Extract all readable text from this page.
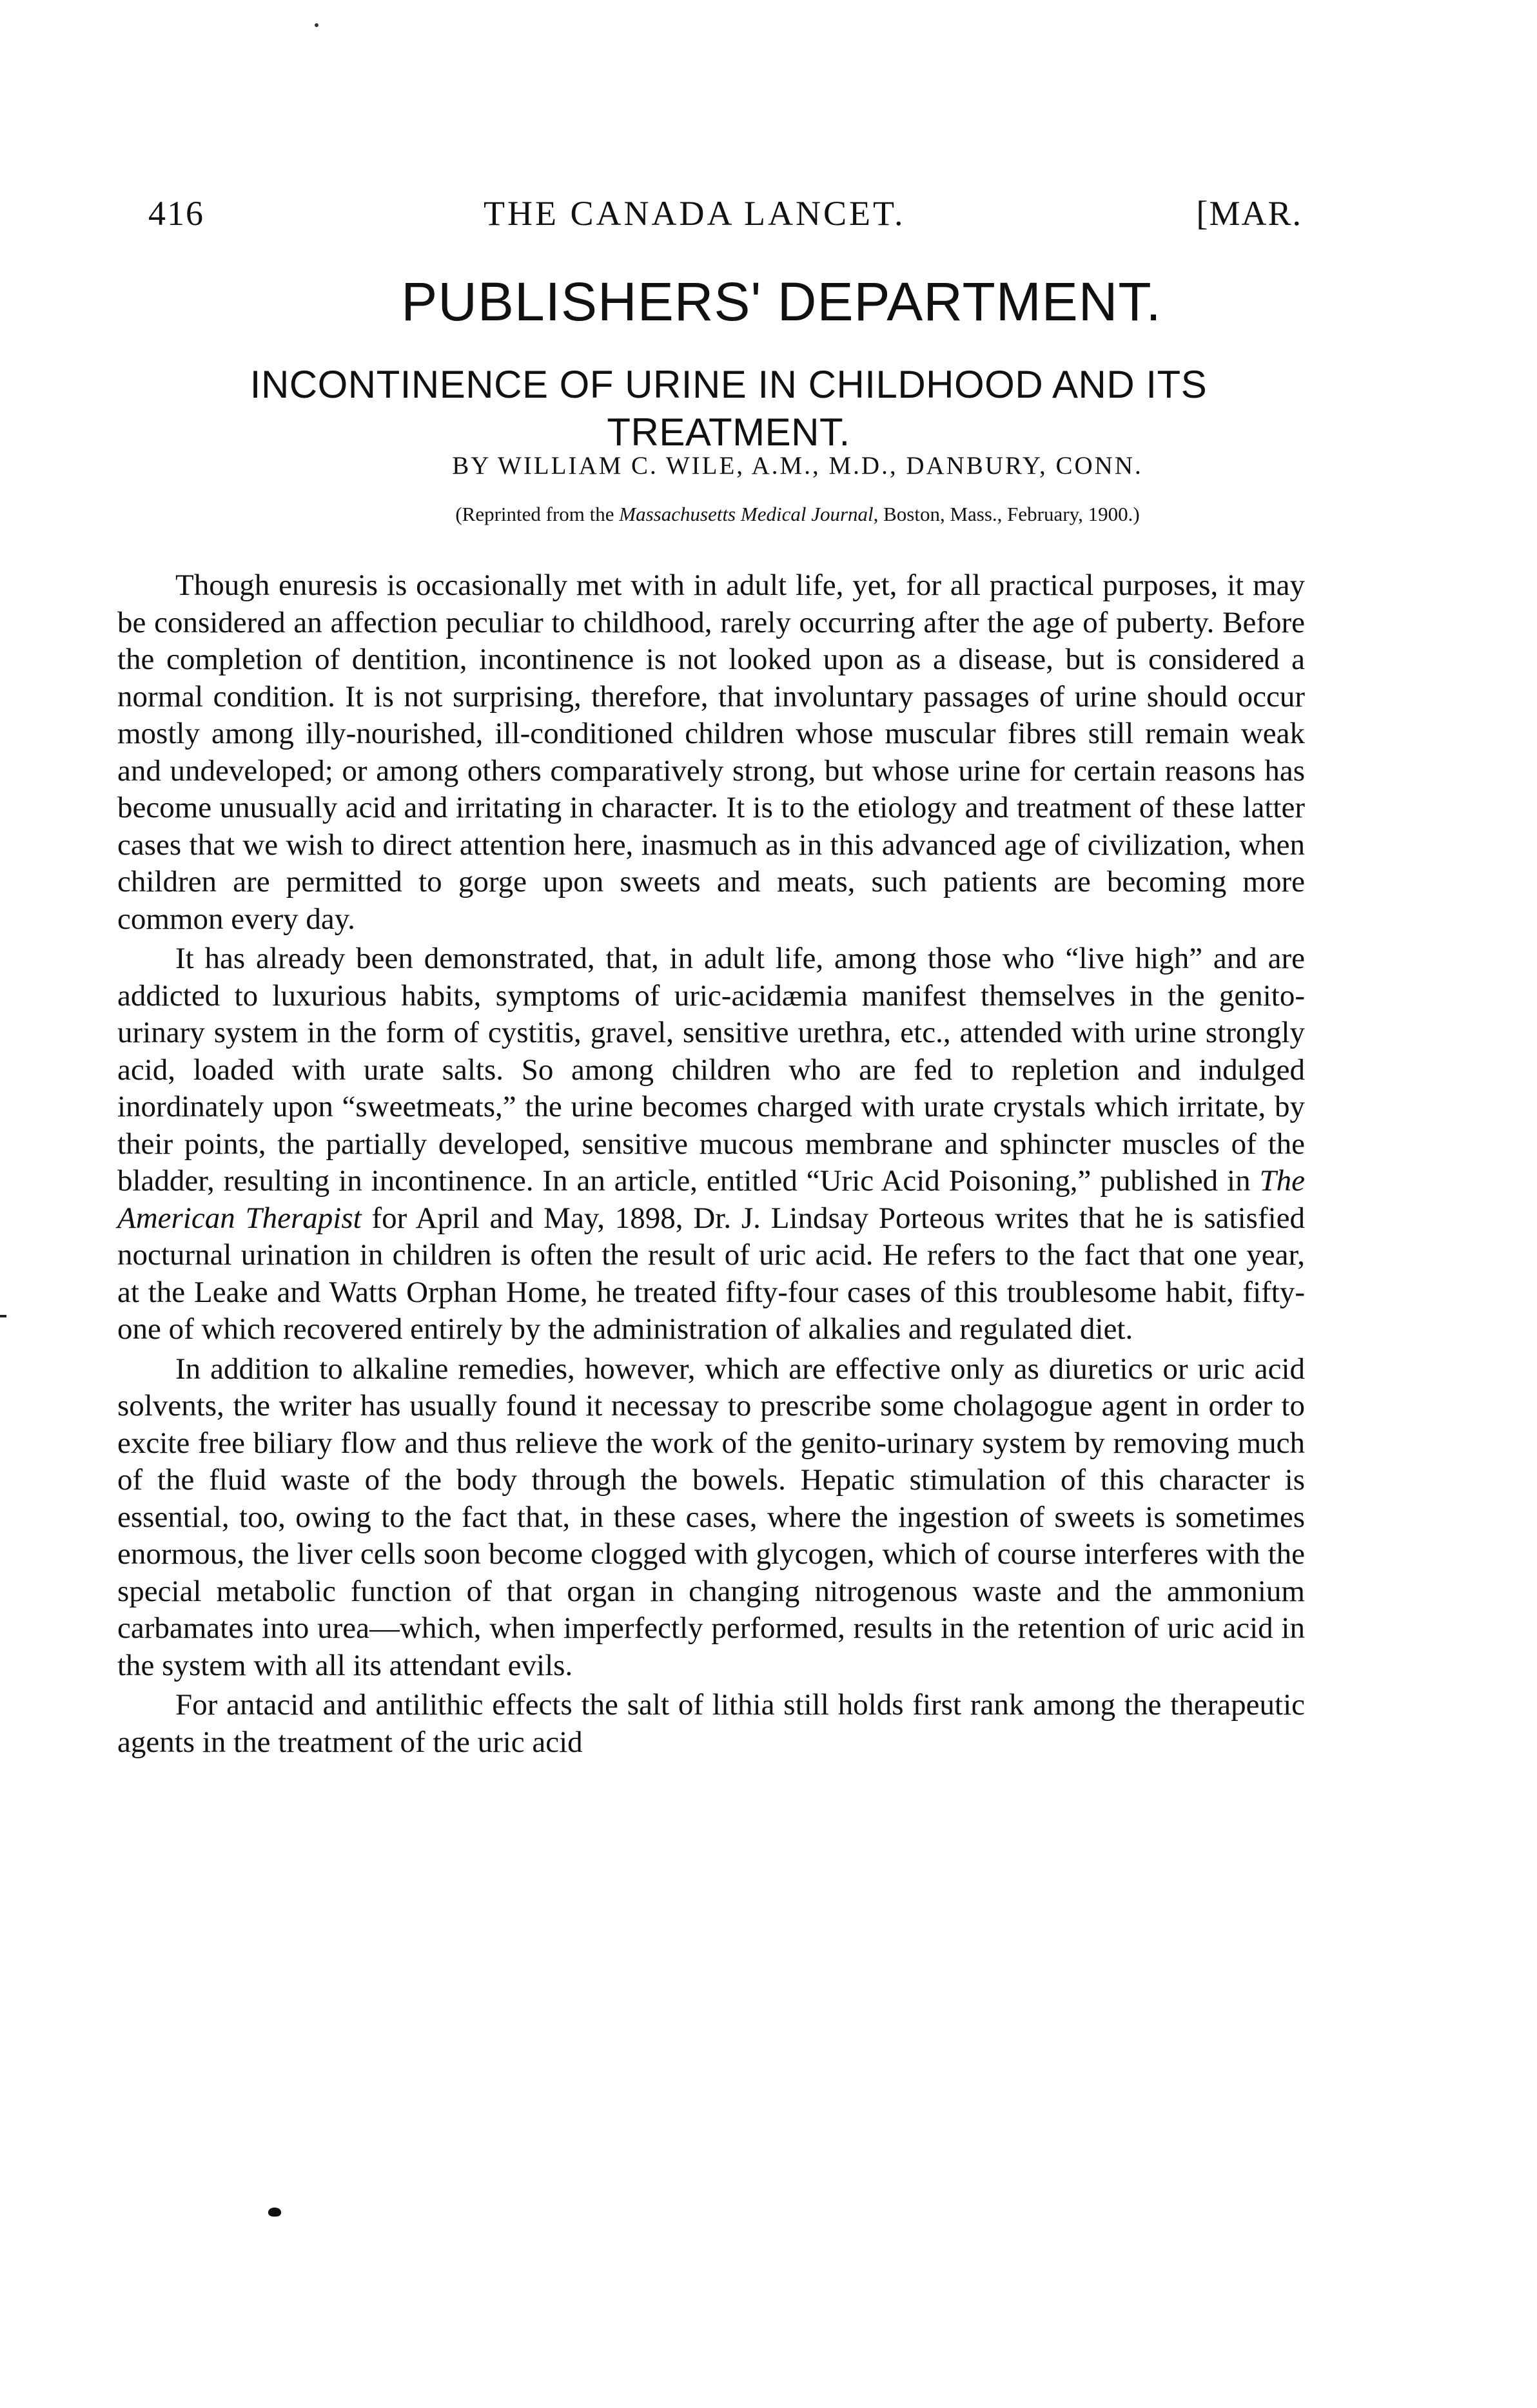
416	THE CANADA LANCET.	[MAR.
PUBLISHERS' DEPARTMENT.
INCONTINENCE OF URINE IN CHILDHOOD AND ITS TREATMENT.
BY WILLIAM C. WILE, A.M., M.D., DANBURY, CONN.
(Reprinted from the Massachusetts Medical Journal, Boston, Mass., February, 1900.)

Though enuresis is occasionally met with in adult life, yet, for all practical purposes, it may be considered an affection peculiar to childhood, rarely occurring after the age of puberty. Before the completion of dentition, incontinence is not looked upon as a disease, but is considered a normal condition. It is not surprising, therefore, that involuntary passages of urine should occur mostly among illy-nourished, ill-conditioned children whose muscular fibres still remain weak and undeveloped; or among others comparatively strong, but whose urine for certain reasons has become unusually acid and irritating in character. It is to the etiology and treatment of these latter cases that we wish to direct attention here, inasmuch as in this advanced age of civilization, when children are permitted to gorge upon sweets and meats, such patients are becoming more common every day.

It has already been demonstrated, that, in adult life, among those who “live high” and are addicted to luxurious habits, symptoms of uric-acidæmia manifest themselves in the genito-urinary system in the form of cystitis, gravel, sensitive urethra, etc., attended with urine strongly acid, loaded with urate salts. So among children who are fed to repletion and indulged inordinately upon “sweetmeats,” the urine becomes charged with urate crystals which irritate, by their points, the partially developed, sensitive mucous membrane and sphincter muscles of the bladder, resulting in incontinence. In an article, entitled “Uric Acid Poisoning,” published in The American Therapist for April and May, 1898, Dr. J. Lindsay Porteous writes that he is satisfied nocturnal urination in children is often the result of uric acid. He refers to the fact that one year, at the Leake and Watts Orphan Home, he treated fifty-four cases of this troublesome habit, fifty-one of which recovered entirely by the administration of alkalies and regulated diet.

In addition to alkaline remedies, however, which are effective only as diuretics or uric acid solvents, the writer has usually found it necessay to prescribe some cholagogue agent in order to excite free biliary flow and thus relieve the work of the genito-urinary system by removing much of the fluid waste of the body through the bowels. Hepatic stimulation of this character is essential, too, owing to the fact that, in these cases, where the ingestion of sweets is sometimes enormous, the liver cells soon become clogged with glycogen, which of course interferes with the special metabolic function of that organ in changing nitrogenous waste and the ammonium carbamates into urea—which, when imperfectly performed, results in the retention of uric acid in the system with all its attendant evils.

For antacid and antilithic effects the salt of lithia still holds first rank among the therapeutic agents in the treatment of the uric acid
